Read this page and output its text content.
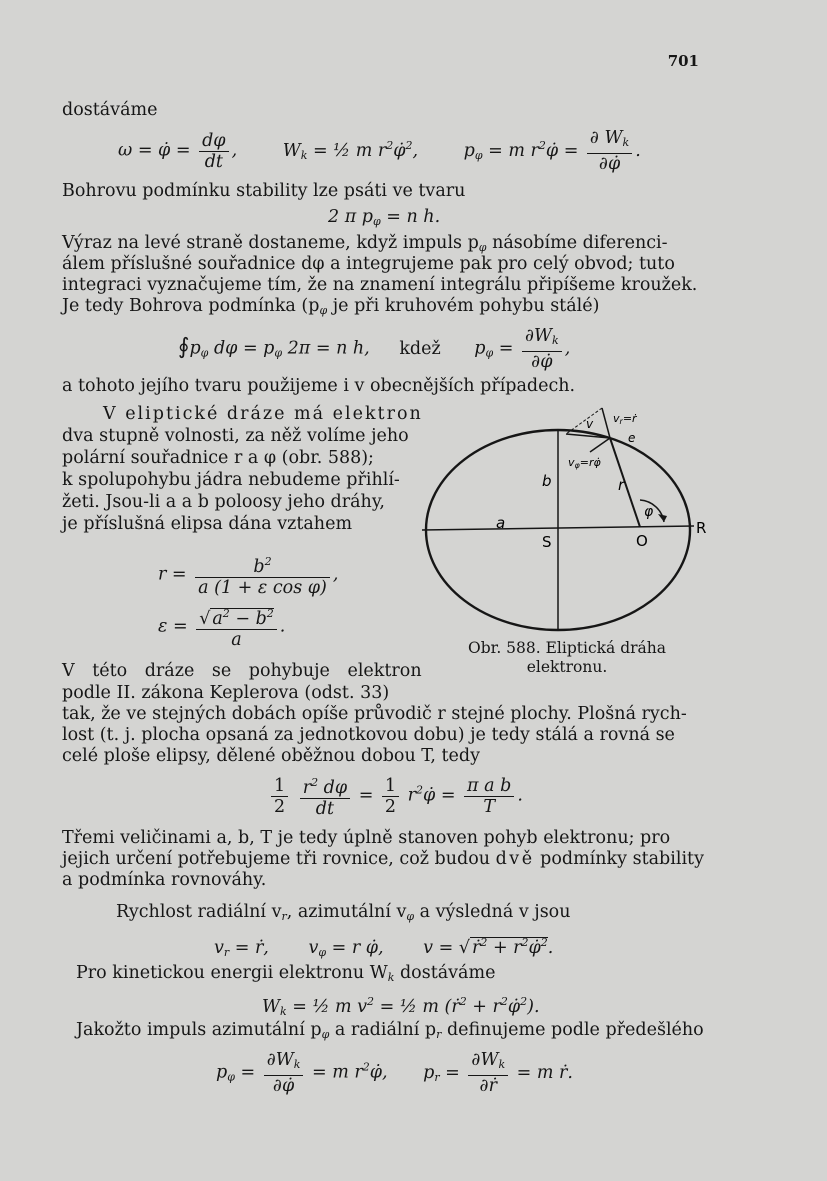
701
dostáváme
ω = φ̇ = $\frac{d\varphi}{dt}$ , $W_k$ = ½ m $r^2\varphi̇^2$,	$p_\varphi = m$ $r^2\varphi̇ = \frac{\partial W_k}{\partial\varphi̇}$ .
Bohrovu podmínku stability lze psáti ve tvaru
2 π $p_\varphi = n$ h.
Výraz na levé straně dostaneme, když impuls $p_\varphi$ násobíme diferenci-
álem příslušné souřadnice dφ a integrujeme pak pro celý obvod; tuto
integraci vyznačujeme tím, že na znamení integrálu připíšeme kroužek.
Je tedy Bohrova podmínka ($p_\varphi$ je při kruhovém pohybu stálé)
$∮p_\varphi$ $d\varphi = p_\varphi$ 2π = n h, kdež $p_\varphi = \frac{\partial W_k}{\partial\varphi̇}$ ,
a tohoto jejího tvaru použijeme i v obecnějších případech.
V eliptické dráze má elektron
dva stupně volnosti, za něž volíme jeho
polární souřadnice r a φ (obr. 588);
k spolupohybu jádra nebudeme přihlí-
žeti. Jsou-li a a b poloosy jeho dráhy,
je příslušná elipsa dána vztahem
$r = \frac{b^2}{\text{a (1 + ε cos φ)}}$ ,
$\varepsilon = \frac{√ a^2 - b^2}{a}$ .
V této dráze se pohybuje elektron
podle II. zákona Keplerova (odst. 33)
tak, že ve stejných dobách opíše průvodič r stejné plochy. Plošná rych-
lost (t. j. plocha opsaná za jednotkovou dobu) je tedy stálá a rovná se
celé ploše elipsy, dělené oběžnou dobou T, tedy
$\frac{1}{2}$
$\frac{r^2 d\varphi}{dt} = \frac{1}{2}$ $r^2\varphi̇ = \frac{\text{π a b}}{T}$ .
Třemi veličinami a, b, T je tedy úplně stanoven pohyb elektronu; pro
jejich určení potřebujeme tři rovnice, což budou dvě podmínky stability
a podmínka rovnováhy.
Rychlost radiální $v_r$, azimutální $v_\varphi$ a výsledná v jsou
$v_r$ = ṙ, $v_\varphi = r$ φ̇, v = √ ṙ$^2$ + $r^2\varphi̇^2$.
Pro kinetickou energii elektronu $W_k$ dostáváme
$W_k$ = ½ m $v^2$ = ½ m (ṙ$^2$ + $r^2\varphi̇^2$).
Jakožto impuls azimutální $p_\varphi$ a radiální $p_r$ definujeme podle předešlého
$p_\varphi = \frac{\partial W_k}{\partial\varphi̇} = m$ $r^2\varphi̇$, $p_r = \frac{\partial W_k}{\text{∂ṙ}} = m$ ṙ.
a
b
S	O
R
r
φ
v vr=ṙ
vφ=rφ̇
e
Obr. 588. Eliptická dráha
elektronu.
